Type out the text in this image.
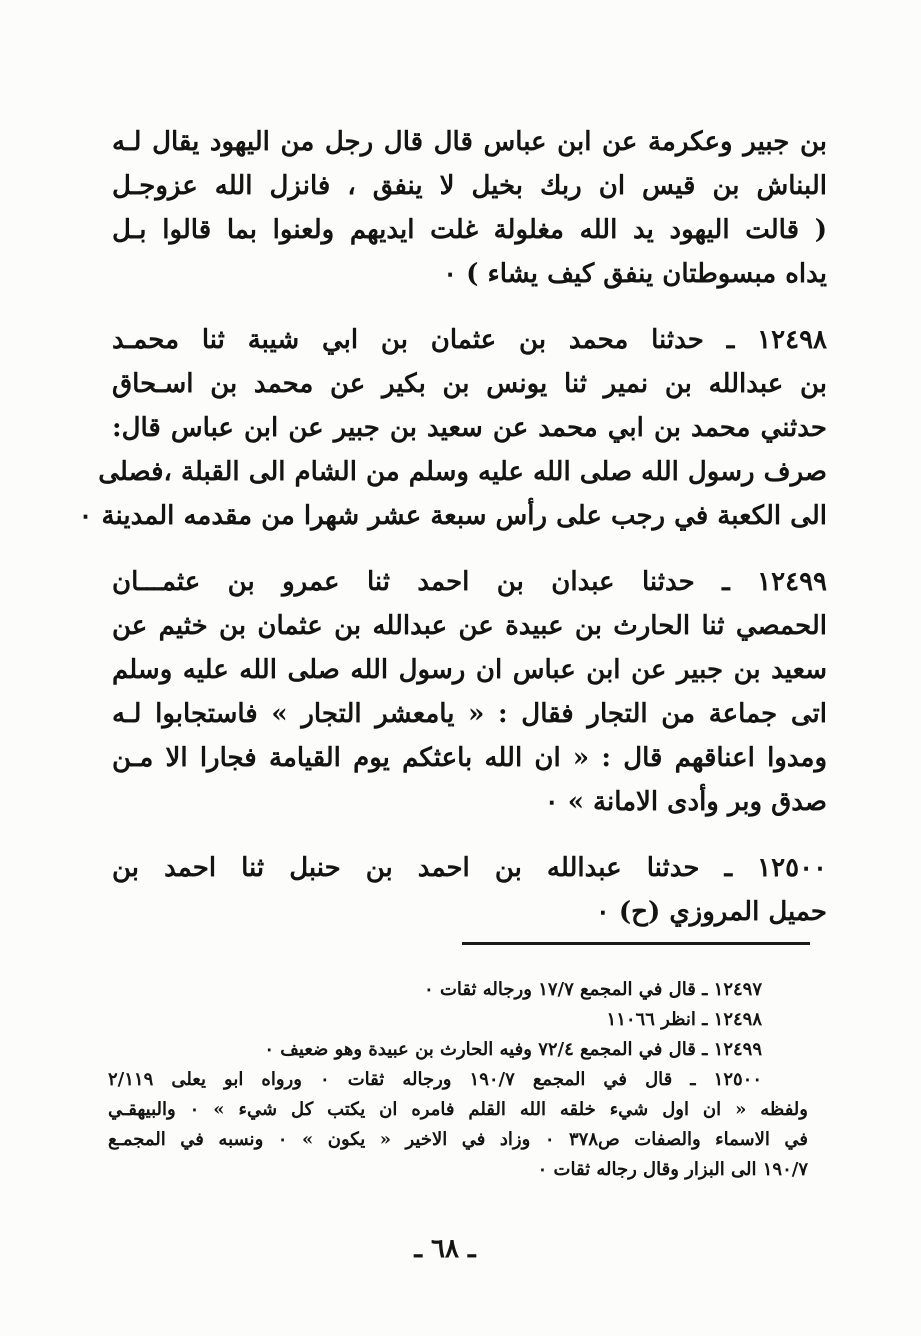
بن جبير وعكرمة عن ابن عباس قال قال رجل من اليهود يقال لـه
البناش بن قيس ان ربك بخيل لا ينفق ، فانزل الله عزوجـل
( قالت اليهود يد الله مغلولة غلت ايديهم ولعنوا بما قالوا بـل
يداه مبسوطتان ينفق كيف يشاء ) ٠
١٢٤٩٨ ـ حدثنا محمد بن عثمان بن ابي شيبة ثنا محمـد
بن عبدالله بن نمير ثنا يونس بن بكير عن محمد بن اسـحاق
حدثني محمد بن ابي محمد عن سعيد بن جبير عن ابن عباس قال:
صرف رسول الله صلى الله عليه وسلم من الشام الى القبلة ،فصلى
الى الكعبة في رجب على رأس سبعة عشر شهرا من مقدمه المدينة ٠
١٢٤٩٩ ـ حدثنا عبدان بن احمد ثنا عمرو بن عثمـــان
الحمصي ثنا الحارث بن عبيدة عن عبدالله بن عثمان بن خثيم عن
سعيد بن جبير عن ابن عباس ان رسول الله صلى الله عليه وسلم
اتى جماعة من التجار فقال : « يامعشر التجار » فاستجابوا لـه
ومدوا اعناقهم قال : « ان الله باعثكم يوم القيامة فجارا الا مـن
صدق وبر وأدى الامانة » ٠
١٢٥٠٠ ـ حدثنا عبدالله بن احمد بن حنبل ثنا احمد بن
حميل المروزي (ح) ٠
١٢٤٩٧ ـ قال في المجمع ١٧/٧ ورجاله ثقات ٠
١٢٤٩٨ ـ انظر ١١٠٦٦
١٢٤٩٩ ـ قال في المجمع ٧٢/٤ وفيه الحارث بن عبيدة وهو ضعيف ٠
١٢٥٠٠ ـ قال في المجمع ١٩٠/٧ ورجاله ثقات ٠ ورواه ابو يعلى ٢/١١٩
ولفظه « ان اول شيء خلقه الله القلم فامره ان يكتب كل شيء » ٠ والبيهقـي
في الاسماء والصفات ص٣٧٨ ٠ وزاد في الاخير « يكون » ٠ ونسبه في المجمـع
١٩٠/٧ الى البزار وقال رجاله ثقات ٠
ـ ٦٨ ـ
